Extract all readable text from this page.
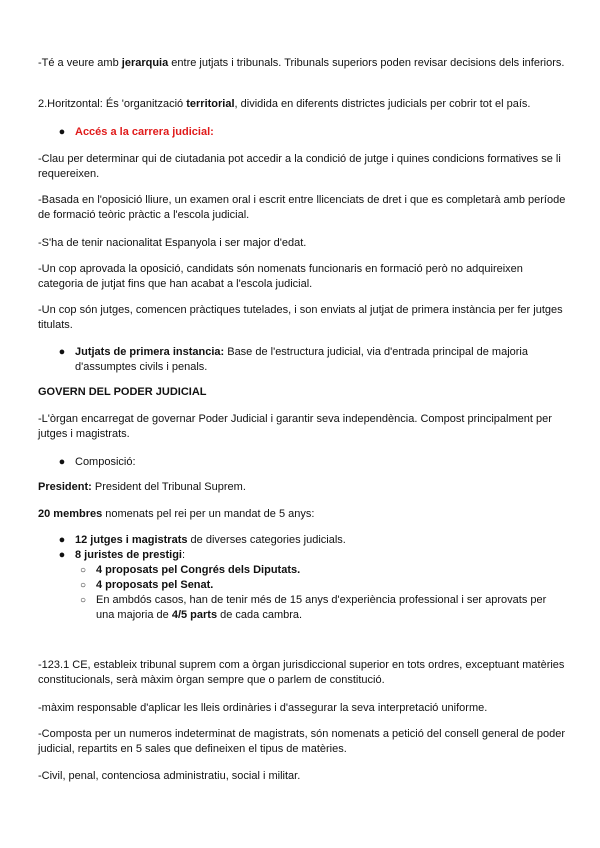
-Té a veure amb jerarquia entre jutjats i tribunals. Tribunals superiors poden revisar decisions dels inferiors.

2.Horitzontal: És 'organització territorial, dividida en diferents districtes judicials per cobrir tot el país.

● Accés a la carrera judicial:

-Clau per determinar qui de ciutadania pot accedir a la condició de jutge i quines condicions formatives se li requereixen.

-Basada en l'oposició lliure, un examen oral i escrit entre llicenciats de dret i que es completarà amb període de formació teòric pràctic a l'escola judicial.

-S'ha de tenir nacionalitat Espanyola i ser major d'edat.

-Un cop aprovada la oposició, candidats són nomenats funcionaris en formació però no adquireixen categoria de jutjat fins que han acabat a l'escola judicial.

-Un cop són jutges, comencen pràctiques tutelades, i son enviats al jutjat de primera instància per fer jutges titulats.

● Jutjats de primera instancia: Base de l'estructura judicial, via d'entrada principal de majoria d'assumptes civils i penals.

GOVERN DEL PODER JUDICIAL

-L'òrgan encarregat de governar Poder Judicial i garantir seva independència. Compost principalment per jutges i magistrats.

● Composició:

President: President del Tribunal Suprem.

20 membres nomenats pel rei per un mandat de 5 anys:

● 12 jutges i magistrats de diverses categories judicials.

● 8 juristes de prestigi:

○ 4 proposats pel Congrés dels Diputats.

○ 4 proposats pel Senat.

○ En ambdós casos, han de tenir més de 15 anys d'experiència professional i ser aprovats per una majoria de 4/5 parts de cada cambra.

-123.1 CE, estableix tribunal suprem com a òrgan jurisdiccional superior en tots ordres, exceptuant matèries constitucionals, serà màxim òrgan sempre que o parlem de constitució.

-màxim responsable d'aplicar les lleis ordinàries i d'assegurar la seva interpretació uniforme.

-Composta per un numeros indeterminat de magistrats, són nomenats a petició del consell general de poder judicial, repartits en 5 sales que defineixen el tipus de matèries.

-Civil, penal, contenciosa administratiu, social i militar.
